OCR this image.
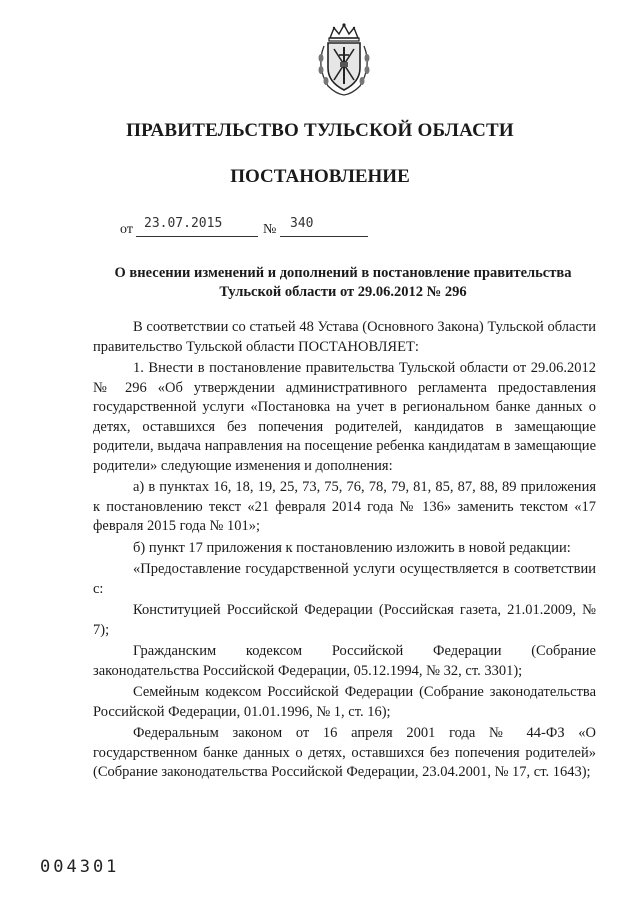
ПРАВИТЕЛЬСТВО ТУЛЬСКОЙ ОБЛАСТИ
ПОСТАНОВЛЕНИЕ
от 23.07.2015	№ 340
О внесении изменений и дополнений в постановление правительства
Тульской области от 29.06.2012 № 296

В соответствии со статьей 48 Устава (Основного Закона) Тульской области правительство Тульской области ПОСТАНОВЛЯЕТ:

1. Внести в постановление правительства Тульской области от 29.06.2012 № 296 «Об утверждении административного регламента предоставления государственной услуги «Постановка на учет в региональном банке данных о детях, оставшихся без попечения родителей, кандидатов в замещающие родители, выдача направления на посещение ребенка кандидатам в замещающие родители» следующие изменения и дополнения:

а) в пунктах 16, 18, 19, 25, 73, 75, 76, 78, 79, 81, 85, 87, 88, 89 приложения к постановлению текст «21 февраля 2014 года № 136» заменить текстом «17 февраля 2015 года № 101»;

б) пункт 17 приложения к постановлению изложить в новой редакции:

«Предоставление государственной услуги осуществляется в соответствии с:

Конституцией Российской Федерации (Российская газета, 21.01.2009, № 7);

Гражданским кодексом Российской Федерации (Собрание законодательства Российской Федерации, 05.12.1994, № 32, ст. 3301);

Семейным кодексом Российской Федерации (Собрание законодательства Российской Федерации, 01.01.1996, № 1, ст. 16);

Федеральным законом от 16 апреля 2001 года № 44-ФЗ «О государственном банке данных о детях, оставшихся без попечения родителей» (Собрание законодательства Российской Федерации, 23.04.2001, № 17, ст. 1643);

004301
